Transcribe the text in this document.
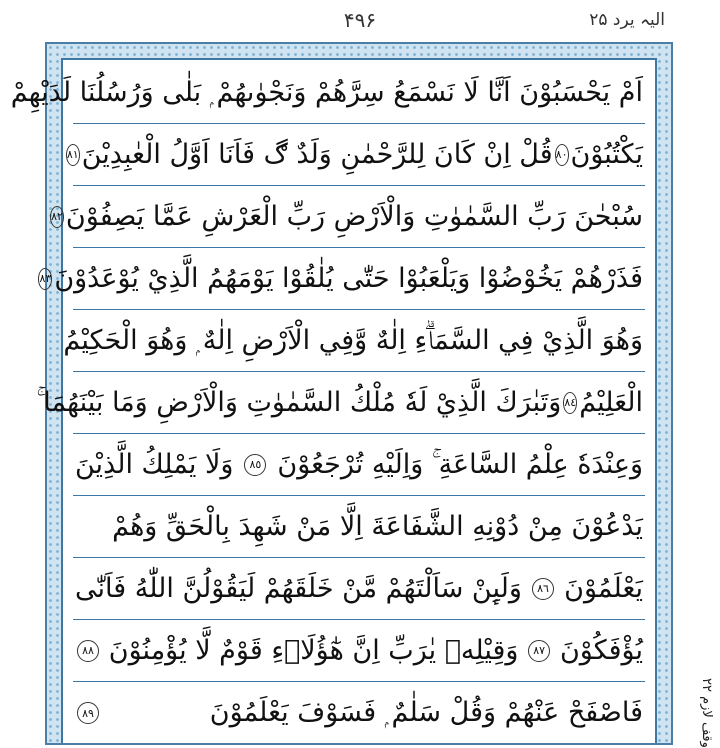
۴۹۶	الیہ یرد ۲۵
اَمْ يَحْسَبُوْنَ اَنَّا لَا نَسْمَعُ سِرَّهُمْ وَنَجْوٰىهُمْ ۭ بَلٰى وَرُسُلُنَا لَدَيْهِمْ
يَكْتُبُوْنَ
٨٠
قُلْ اِنْ كَانَ لِلرَّحْمٰنِ وَلَدٌ ڰ فَاَنَا اَوَّلُ الْعٰبِدِيْنَ
٨١
سُبْحٰنَ رَبِّ السَّمٰوٰتِ وَالْاَرْضِ رَبِّ الْعَرْشِ عَمَّا يَصِفُوْنَ
٨٢
فَذَرْهُمْ يَخُوْضُوْا وَيَلْعَبُوْا حَتّٰى يُلٰقُوْا يَوْمَهُمُ الَّذِيْ يُوْعَدُوْنَ
٨٣
وَهُوَ الَّذِيْ فِي السَّمَاۗءِ اِلٰهٌ وَّفِي الْاَرْضِ اِلٰهٌ ۭ وَهُوَ الْحَكِيْمُ
الْعَلِيْمُ
٨٤
وَتَبٰرَكَ الَّذِيْ لَهٗ مُلْكُ السَّمٰوٰتِ وَالْاَرْضِ وَمَا بَيْنَهُمَا ۚ
وَعِنْدَهٗ عِلْمُ السَّاعَةِ ۚ وَاِلَيْهِ تُرْجَعُوْنَ
٨٥
وَلَا يَمْلِكُ الَّذِيْنَ
يَدْعُوْنَ مِنْ دُوْنِهِ الشَّفَاعَةَ اِلَّا مَنْ شَهِدَ بِالْحَقِّ وَهُمْ
يَعْلَمُوْنَ
٨٦
وَلَىِٕنْ سَاَلْتَهُمْ مَّنْ خَلَقَهُمْ لَيَقُوْلُنَّ اللّٰهُ فَاَنّٰى
يُؤْفَكُوْنَ
٨٧
وَقِيْلِهٖ يٰرَبِّ اِنَّ هٰٓؤُلَاۗءِ قَوْمٌ لَّا يُؤْمِنُوْنَ
٨٨
فَاصْفَحْ عَنْهُمْ وَقُلْ سَلٰمٌ ۭ فَسَوْفَ يَعْلَمُوْنَ
٨٩
وقف لازم ۲۲
